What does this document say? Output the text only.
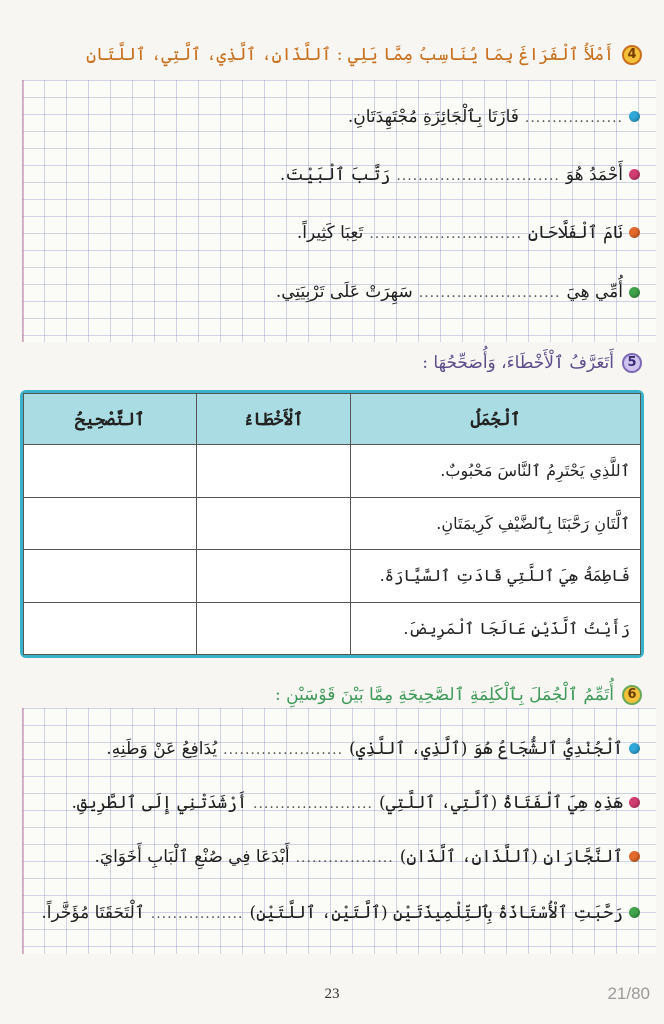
4
أَمْلَأُ ٱلْفَرَاغَ بِمَا يُنَاسِبُ مِمَّا يَلِي : ٱللَّذَانِ، ٱلَّذِي، ٱلَّتِي، ٱللَّتَانِ
..................
فَازَتَا بِٱلْجَائِزَةِ مُجْتَهِدَتَانِ.
أَحْمَدُ هُوَ
..............................
رَتَّبَ ٱلْبَيْتَ.
نَامَ ٱلْفَلَّاحَانِ
............................
تَعِبَا كَثِيراً.
أُمِّي هِيَ
..........................
سَهِرَتْ عَلَى تَرْبِيَتِي.
5
أَتَعَرَّفُ ٱلْأَخْطَاءَ، وَأُصَحِّحُهَا :
ٱلْجُمَلُ	ٱلْأَخْطَاءُ	ٱلتَّصْحِيحُ
ٱللَّذِي يَحْتَرِمُ ٱلنَّاسَ مَحْبُوبٌ.		
ٱلَّتَانِ رَحَّبَتَا بِٱلضَّيْفِ كَرِيمَتَانِ.		
فَاطِمَةُ هِيَ ٱللَّتِي قَادَتِ ٱلسَّيَّارَةَ.		
رَأَيْتُ ٱلَّذَيْنِ عَالَجَا ٱلْمَرِيضَ.		
6
أُتَمِّمُ ٱلْجُمَلَ بِٱلْكَلِمَةِ ٱلصَّحِيحَةِ مِمَّا بَيْنَ قَوْسَيْنِ :
ٱلْجُنْدِيُّ ٱلشُّجَاعُ هُوَ (ٱلَّذِي، ٱللَّذِي)
......................
يُدَافِعُ عَنْ وَطَنِهِ.
هَذِهِ هِيَ ٱلْفَتَاةُ (ٱلَّتِي، ٱللَّتِي)
......................
أَرْشَدَتْنِي إِلَى ٱلطَّرِيقِ.
ٱلنَّجَّارَانِ (ٱللَّذَانِ، ٱلَّذَانِ)
..................
أَبْدَعَا فِي صُنْعِ ٱلْبَابِ أَخَوَايَ.
رَحَّبَتِ ٱلْأُسْتَاذَةُ بِٱلتِّلْمِيذَتَيْنِ (ٱلَّتَيْنِ، ٱللَّتَيْنِ)
.................
ٱلْتَحَقَتَا مُؤَخَّراً.
23	21/80
